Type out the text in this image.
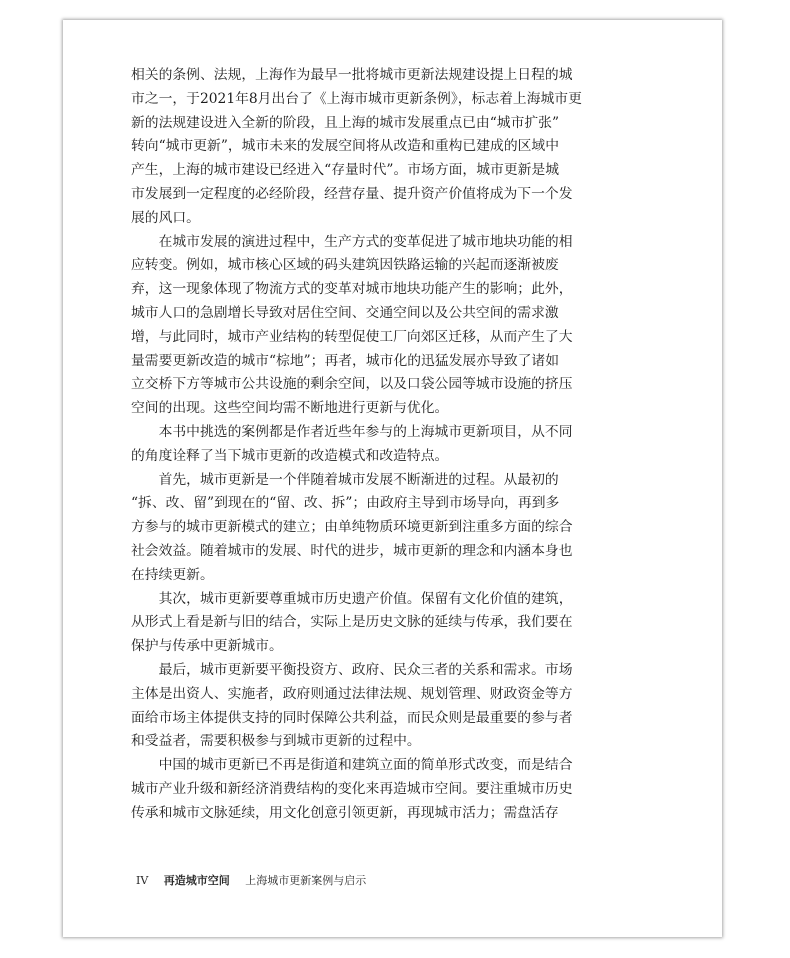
相关的条例、法规，上海作为最早一批将城市更新法规建设提上日程的城

市之一，于2021年8月出台了《上海市城市更新条例》，标志着上海城市更

新的法规建设进入全新的阶段，且上海的城市发展重点已由“城市扩张”

转向“城市更新”，城市未来的发展空间将从改造和重构已建成的区域中

产生，上海的城市建设已经进入“存量时代”。市场方面，城市更新是城

市发展到一定程度的必经阶段，经营存量、提升资产价值将成为下一个发

展的风口。

　　在城市发展的演进过程中，生产方式的变革促进了城市地块功能的相

应转变。例如，城市核心区域的码头建筑因铁路运输的兴起而逐渐被废

弃，这一现象体现了物流方式的变革对城市地块功能产生的影响；此外，

城市人口的急剧增长导致对居住空间、交通空间以及公共空间的需求激

增，与此同时，城市产业结构的转型促使工厂向郊区迁移，从而产生了大

量需要更新改造的城市“棕地”；再者，城市化的迅猛发展亦导致了诸如

立交桥下方等城市公共设施的剩余空间，以及口袋公园等城市设施的挤压

空间的出现。这些空间均需不断地进行更新与优化。

　　本书中挑选的案例都是作者近些年参与的上海城市更新项目，从不同

的角度诠释了当下城市更新的改造模式和改造特点。

　　首先，城市更新是一个伴随着城市发展不断渐进的过程。从最初的

“拆、改、留”到现在的“留、改、拆”；由政府主导到市场导向，再到多

方参与的城市更新模式的建立；由单纯物质环境更新到注重多方面的综合

社会效益。随着城市的发展、时代的进步，城市更新的理念和内涵本身也

在持续更新。

　　其次，城市更新要尊重城市历史遗产价值。保留有文化价值的建筑，

从形式上看是新与旧的结合，实际上是历史文脉的延续与传承，我们要在

保护与传承中更新城市。

　　最后，城市更新要平衡投资方、政府、民众三者的关系和需求。市场

主体是出资人、实施者，政府则通过法律法规、规划管理、财政资金等方

面给市场主体提供支持的同时保障公共利益，而民众则是最重要的参与者

和受益者，需要积极参与到城市更新的过程中。

　　中国的城市更新已不再是街道和建筑立面的简单形式改变，而是结合

城市产业升级和新经济消费结构的变化来再造城市空间。要注重城市历史

传承和城市文脉延续，用文化创意引领更新，再现城市活力；需盘活存

IV 再造城市空间 上海城市更新案例与启示
